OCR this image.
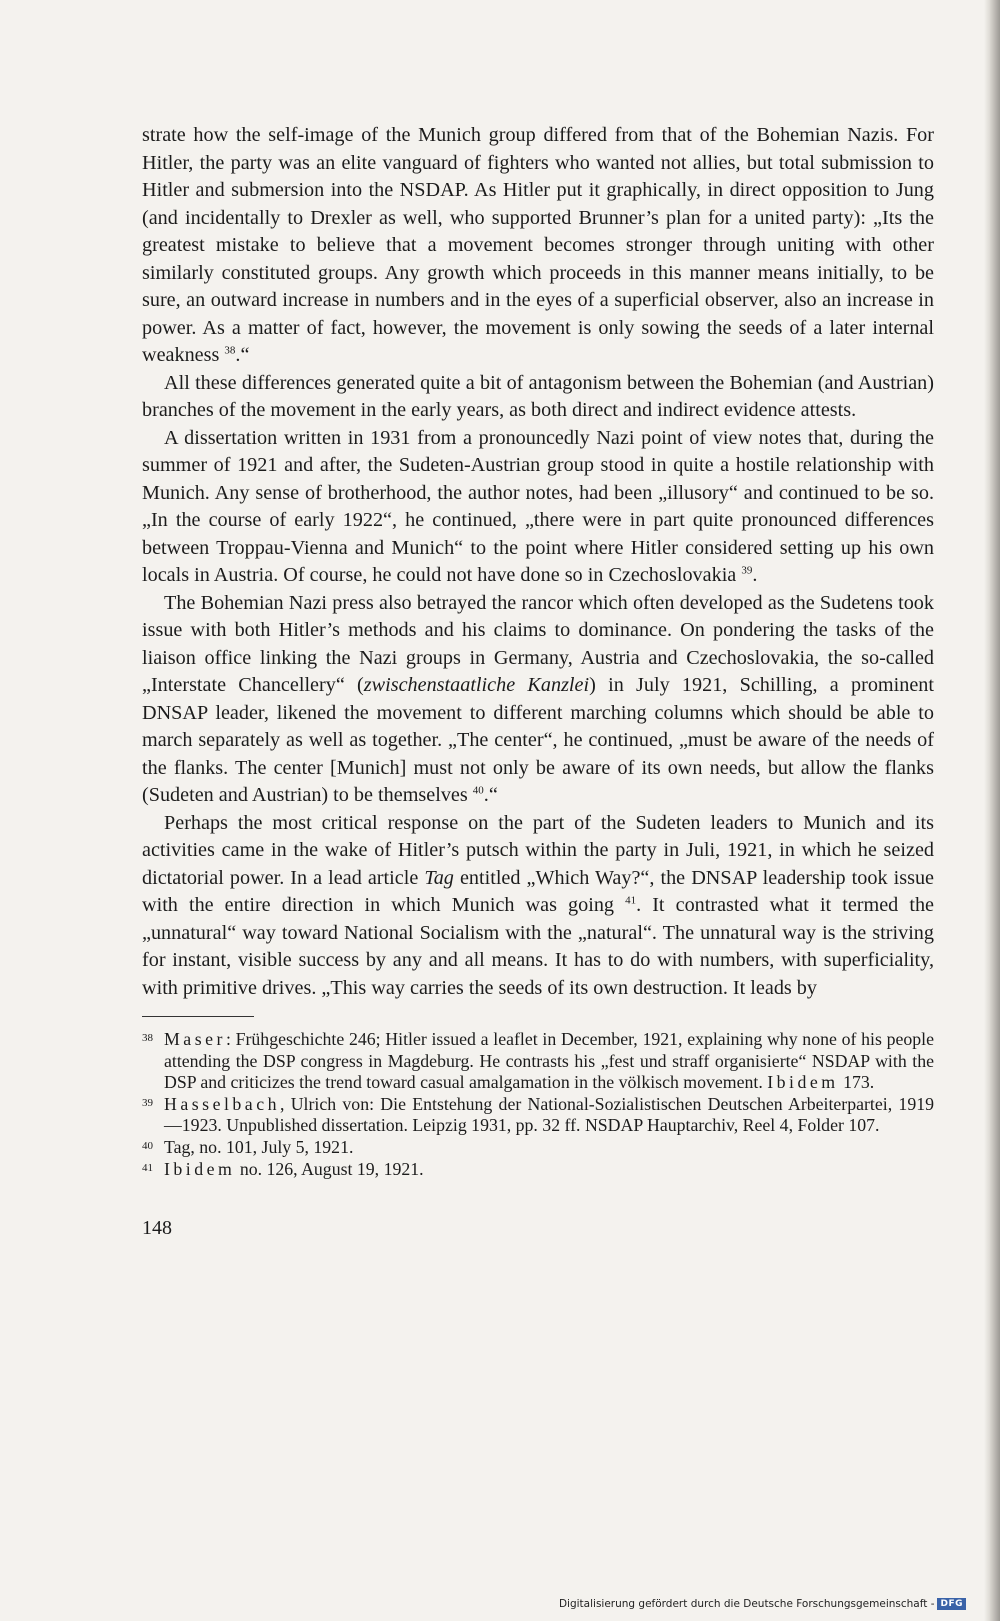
strate how the self-image of the Munich group differed from that of the Bohemian Nazis. For Hitler, the party was an elite vanguard of fighters who wanted not allies, but total submission to Hitler and submersion into the NSDAP. As Hitler put it graphically, in direct opposition to Jung (and incidentally to Drexler as well, who supported Brunner’s plan for a united party): „Its the greatest mistake to believe that a movement becomes stronger through uniting with other similarly constituted groups. Any growth which proceeds in this manner means initially, to be sure, an outward increase in numbers and in the eyes of a superficial observer, also an increase in power. As a matter of fact, however, the movement is only sowing the seeds of a later internal weakness $^{38}$.“

All these differences generated quite a bit of antagonism between the Bohemian (and Austrian) branches of the movement in the early years, as both direct and indirect evidence attests.

A dissertation written in 1931 from a pronouncedly Nazi point of view notes that, during the summer of 1921 and after, the Sudeten-Austrian group stood in quite a hostile relationship with Munich. Any sense of brotherhood, the author notes, had been „illusory“ and continued to be so. „In the course of early 1922“, he continued, „there were in part quite pronounced differences between Troppau-Vienna and Munich“ to the point where Hitler considered setting up his own locals in Austria. Of course, he could not have done so in Czechoslovakia $^{39}$.

The Bohemian Nazi press also betrayed the rancor which often developed as the Sudetens took issue with both Hitler’s methods and his claims to dominance. On pondering the tasks of the liaison office linking the Nazi groups in Germany, Austria and Czechoslovakia, the so-called „Interstate Chancellery“ (zwischenstaatliche Kanzlei) in July 1921, Schilling, a prominent DNSAP leader, likened the movement to different marching columns which should be able to march separately as well as together. „The center“, he continued, „must be aware of the needs of the flanks. The center [Munich] must not only be aware of its own needs, but allow the flanks (Sudeten and Austrian) to be themselves $^{40}$.“

Perhaps the most critical response on the part of the Sudeten leaders to Munich and its activities came in the wake of Hitler’s putsch within the party in Juli, 1921, in which he seized dictatorial power. In a lead article Tag entitled „Which Way?“, the DNSAP leadership took issue with the entire direction in which Munich was going $^{41}$. It contrasted what it termed the „unnatural“ way toward National Socialism with the „natural“. The unnatural way is the striving for instant, visible success by any and all means. It has to do with numbers, with superficiality, with primitive drives. „This way carries the seeds of its own destruction. It leads by

38 Maser: Frühgeschichte 246; Hitler issued a leaflet in December, 1921, explaining why none of his people attending the DSP congress in Magdeburg. He contrasts his „fest und straff organisierte“ NSDAP with the DSP and criticizes the trend toward casual amalgamation in the völkisch movement. Ibidem 173.
39 Hasselbach, Ulrich von: Die Entstehung der National-Sozialistischen Deutschen Arbeiterpartei, 1919—1923. Unpublished dissertation. Leipzig 1931, pp. 32 ff. NSDAP Hauptarchiv, Reel 4, Folder 107.
40 Tag, no. 101, July 5, 1921.
41 Ibidem no. 126, August 19, 1921.
148
Digitalisierung gefördert durch die Deutsche Forschungsgemeinschaft - DFG
